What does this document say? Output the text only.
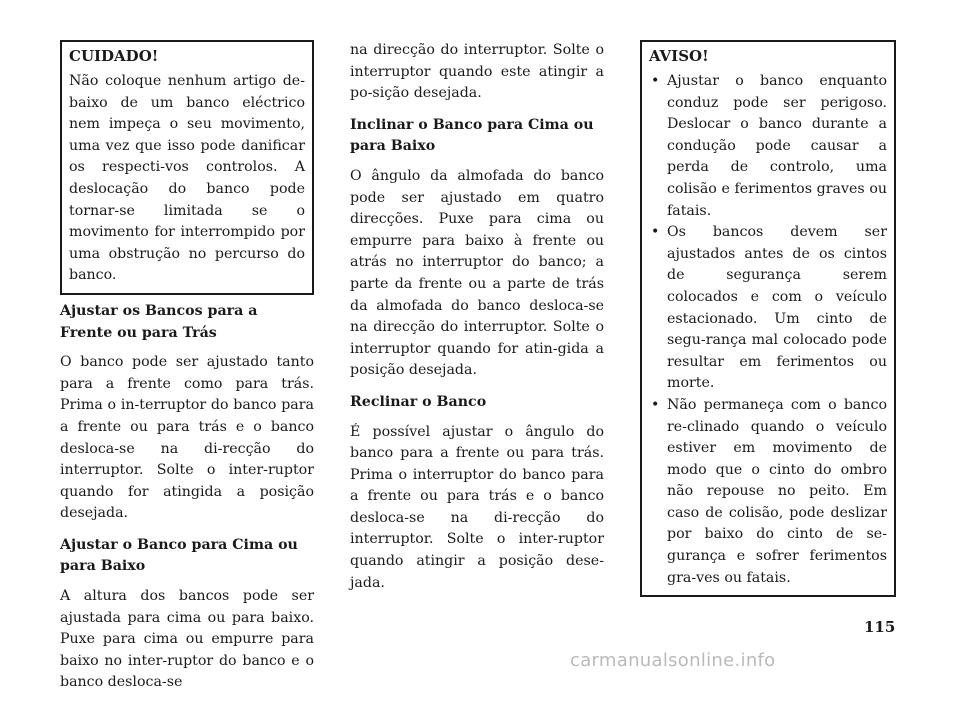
CUIDADO!

Não coloque nenhum artigo de-baixo de um banco eléctrico nem impeça o seu movimento, uma vez que isso pode danificar os respecti-vos controlos. A deslocação do banco pode tornar-se limitada se o movimento for interrompido por uma obstrução no percurso do banco.

Ajustar os Bancos para a Frente ou para Trás

O banco pode ser ajustado tanto para a frente como para trás. Prima o in-terruptor do banco para a frente ou para trás e o banco desloca-se na di-recção do interruptor. Solte o inter-ruptor quando for atingida a posição desejada.

Ajustar o Banco para Cima ou para Baixo

A altura dos bancos pode ser ajustada para cima ou para baixo. Puxe para cima ou empurre para baixo no inter-ruptor do banco e o banco desloca-se

na direcção do interruptor. Solte o interruptor quando este atingir a po-sição desejada.

Inclinar o Banco para Cima ou para Baixo

O ângulo da almofada do banco pode ser ajustado em quatro direcções. Puxe para cima ou empurre para baixo à frente ou atrás no interruptor do banco; a parte da frente ou a parte de trás da almofada do banco desloca-se na direcção do interruptor. Solte o interruptor quando for atin-gida a posição desejada.

Reclinar o Banco

É possível ajustar o ângulo do banco para a frente ou para trás. Prima o interruptor do banco para a frente ou para trás e o banco desloca-se na di-recção do interruptor. Solte o inter-ruptor quando atingir a posição dese-jada.

AVISO!
• Ajustar o banco enquanto conduz pode ser perigoso. Deslocar o banco durante a condução pode causar a perda de controlo, uma colisão e ferimentos graves ou fatais.
• Os bancos devem ser ajustados antes de os cintos de segurança serem colocados e com o veículo estacionado. Um cinto de segu-rança mal colocado pode resultar em ferimentos ou morte.
• Não permaneça com o banco re-clinado quando o veículo estiver em movimento de modo que o cinto do ombro não repouse no peito. Em caso de colisão, pode deslizar por baixo do cinto de se-gurança e sofrer ferimentos gra-ves ou fatais.
115
carmanualsonline.info
